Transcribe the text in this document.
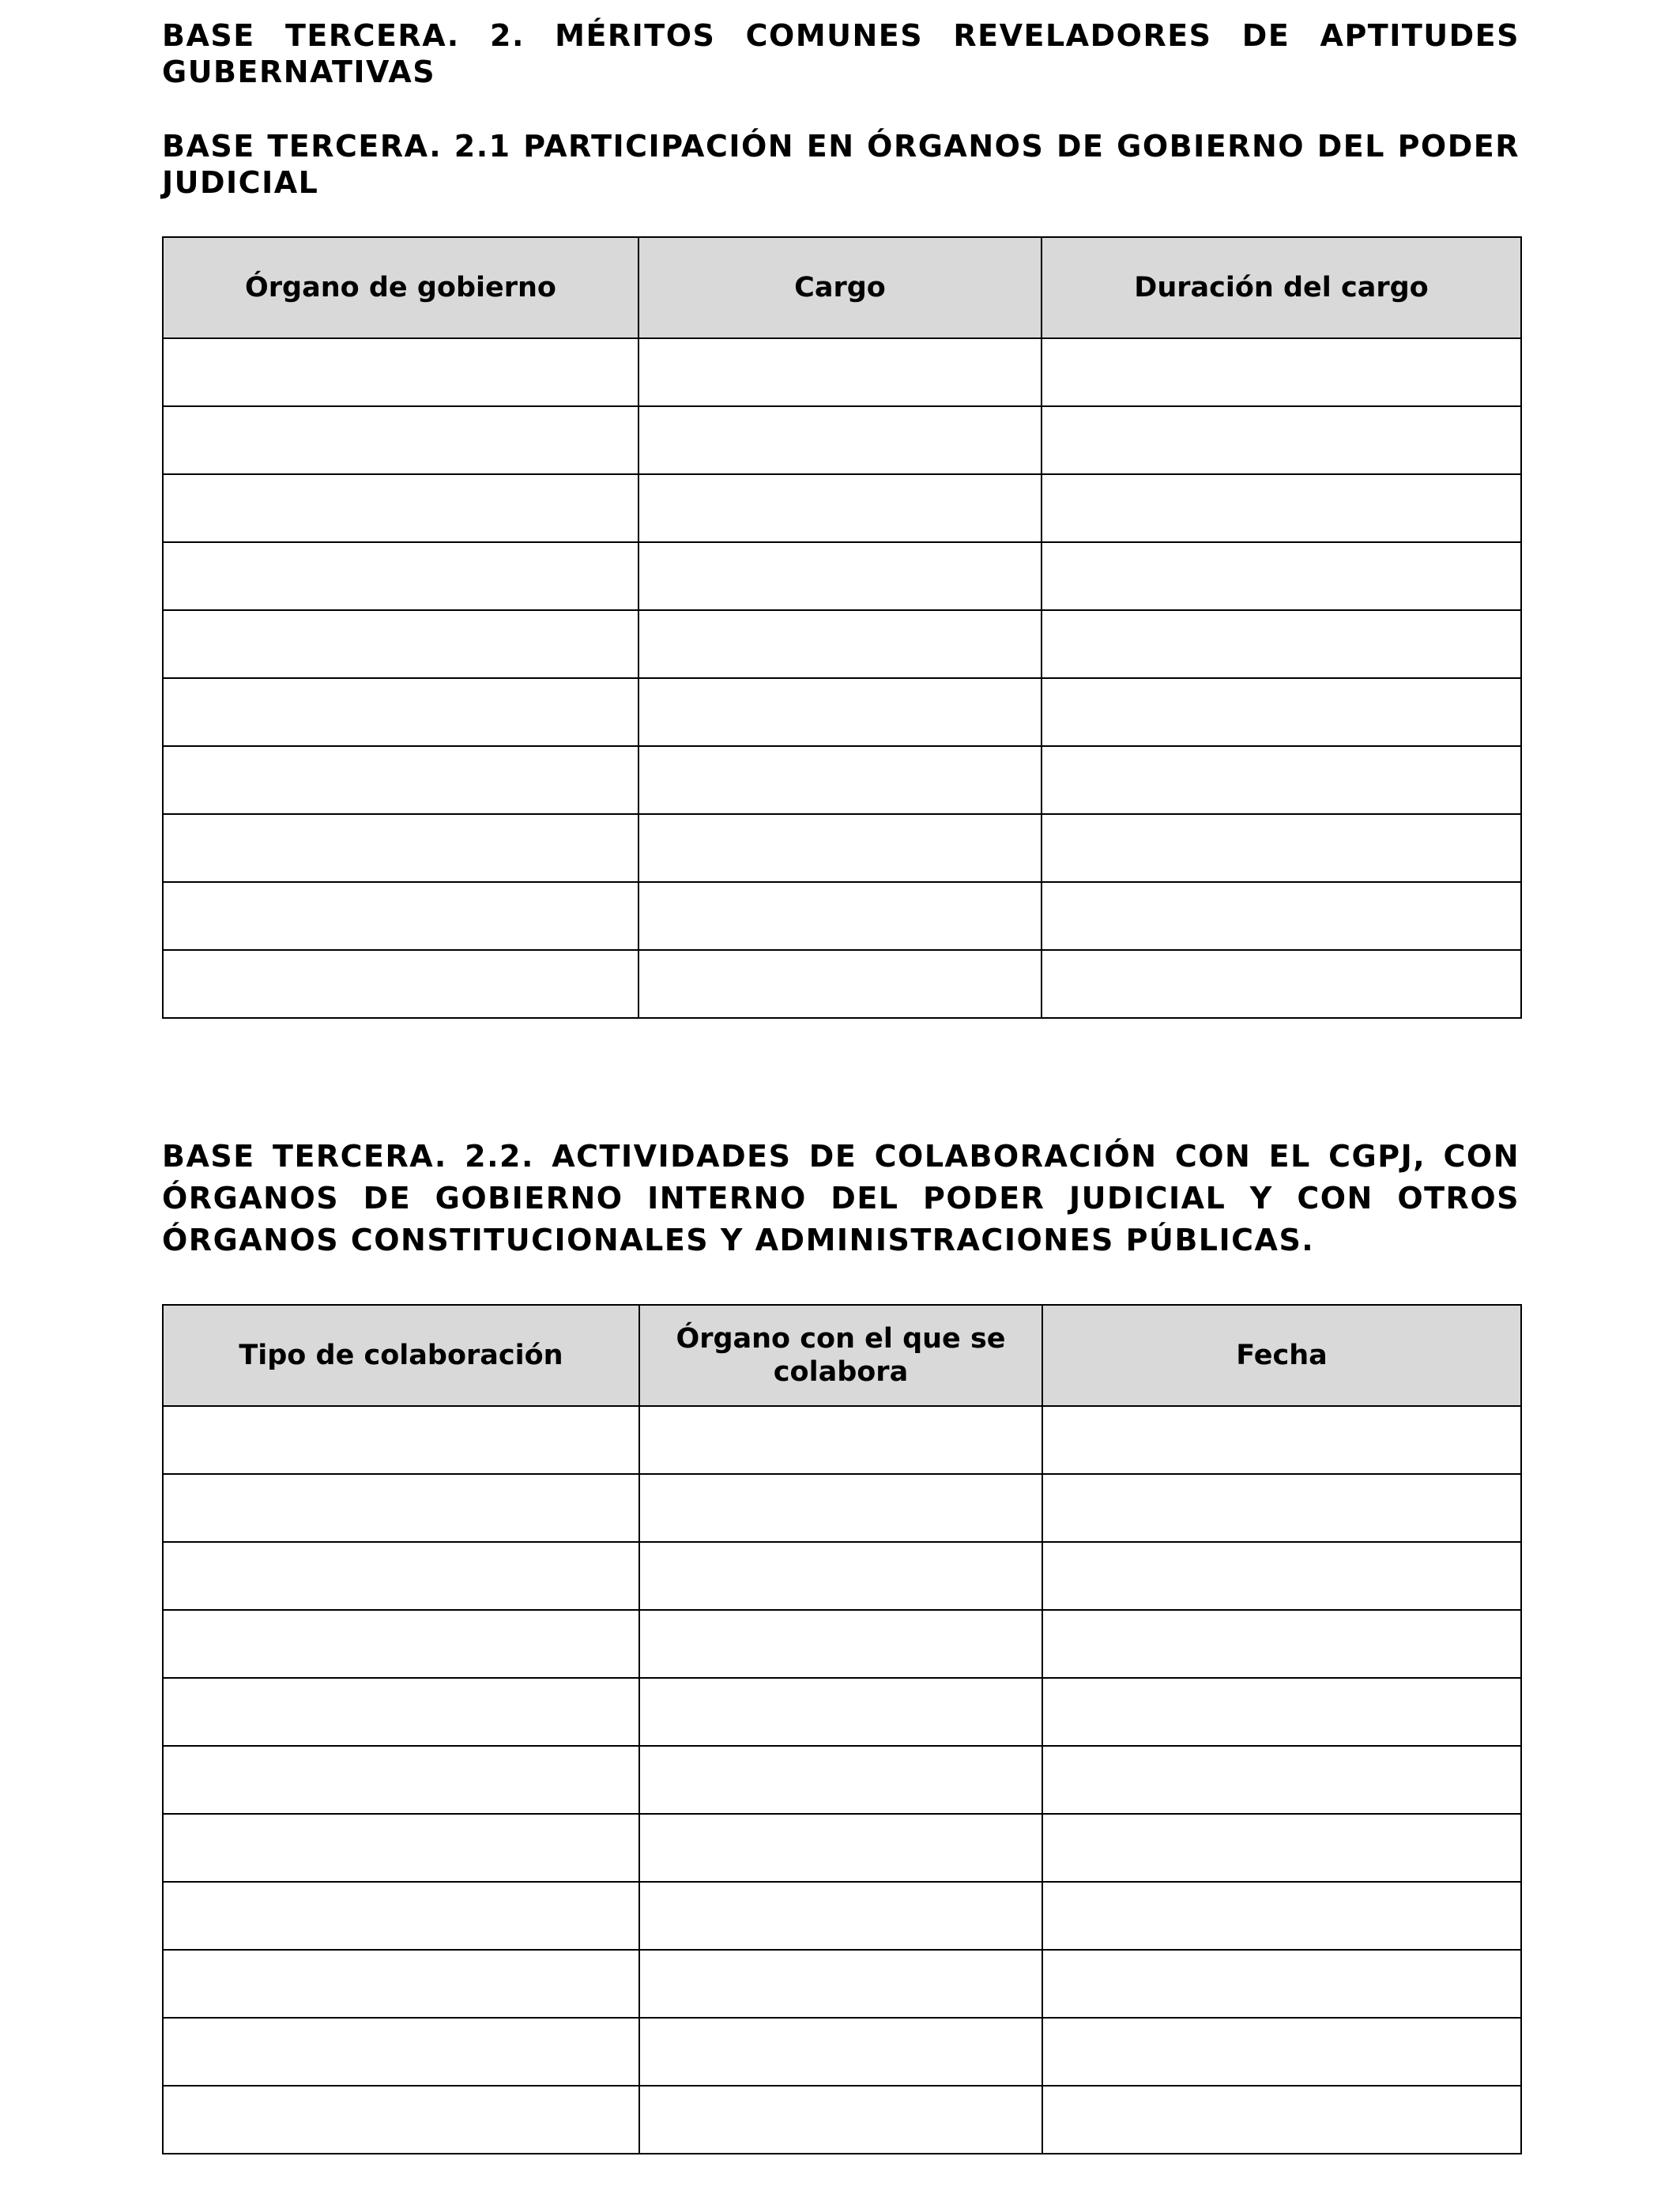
BASE TERCERA. 2. MÉRITOS COMUNES REVELADORES DE APTITUDES GUBERNATIVAS

BASE TERCERA. 2.1 PARTICIPACIÓN EN ÓRGANOS DE GOBIERNO DEL PODER JUDICIAL

Órgano de gobierno	Cargo	Duración del cargo

BASE TERCERA. 2.2. ACTIVIDADES DE COLABORACIÓN CON EL CGPJ, CON ÓRGANOS DE GOBIERNO INTERNO DEL PODER JUDICIAL Y CON OTROS ÓRGANOS CONSTITUCIONALES Y ADMINISTRACIONES PÚBLICAS.

Tipo de colaboración	Órgano con el que se colabora	Fecha
